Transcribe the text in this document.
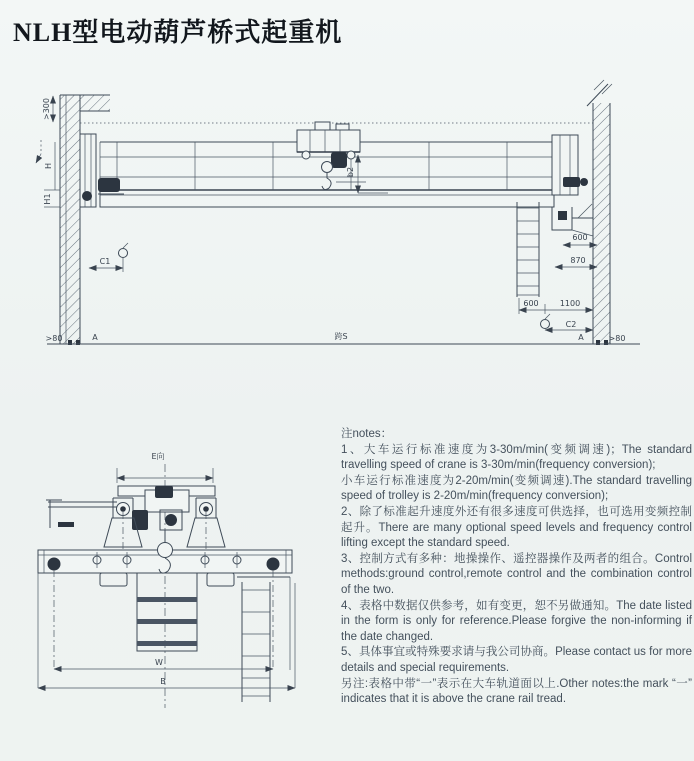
NLH型电动葫芦桥式起重机
b2
600
870
600	1100
C2
A	>80
C1
>300
H
H1
>80	A	跨S
E向
W
B

注notes：

1、大车运行标准速度为3-30m/min(变频调速)；The standard travelling speed of crane is 3-30m/min(frequency conversion);

小车运行标准速度为2-20m/min(变频调速).The standard travelling speed of trolley is 2-20m/min(frequency conversion);

2、除了标准起升速度外还有很多速度可供选择，也可选用变频控制起升。There are many optional speed levels and frequency control lifting except the standard speed.

3、控制方式有多种：地操操作、遥控器操作及两者的组合。Control methods:ground control,remote control and the combination control of the two.

4、表格中数据仅供参考，如有变更，恕不另做通知。The date listed in the form is only for reference.Please forgive the non-informing if the date changed.

5、具体事宜或特殊要求请与我公司协商。Please contact us for more details and special requirements.

另注:表格中带“一”表示在大车轨道面以上.Other notes:the mark “一” indicates that it is above the crane rail tread.
